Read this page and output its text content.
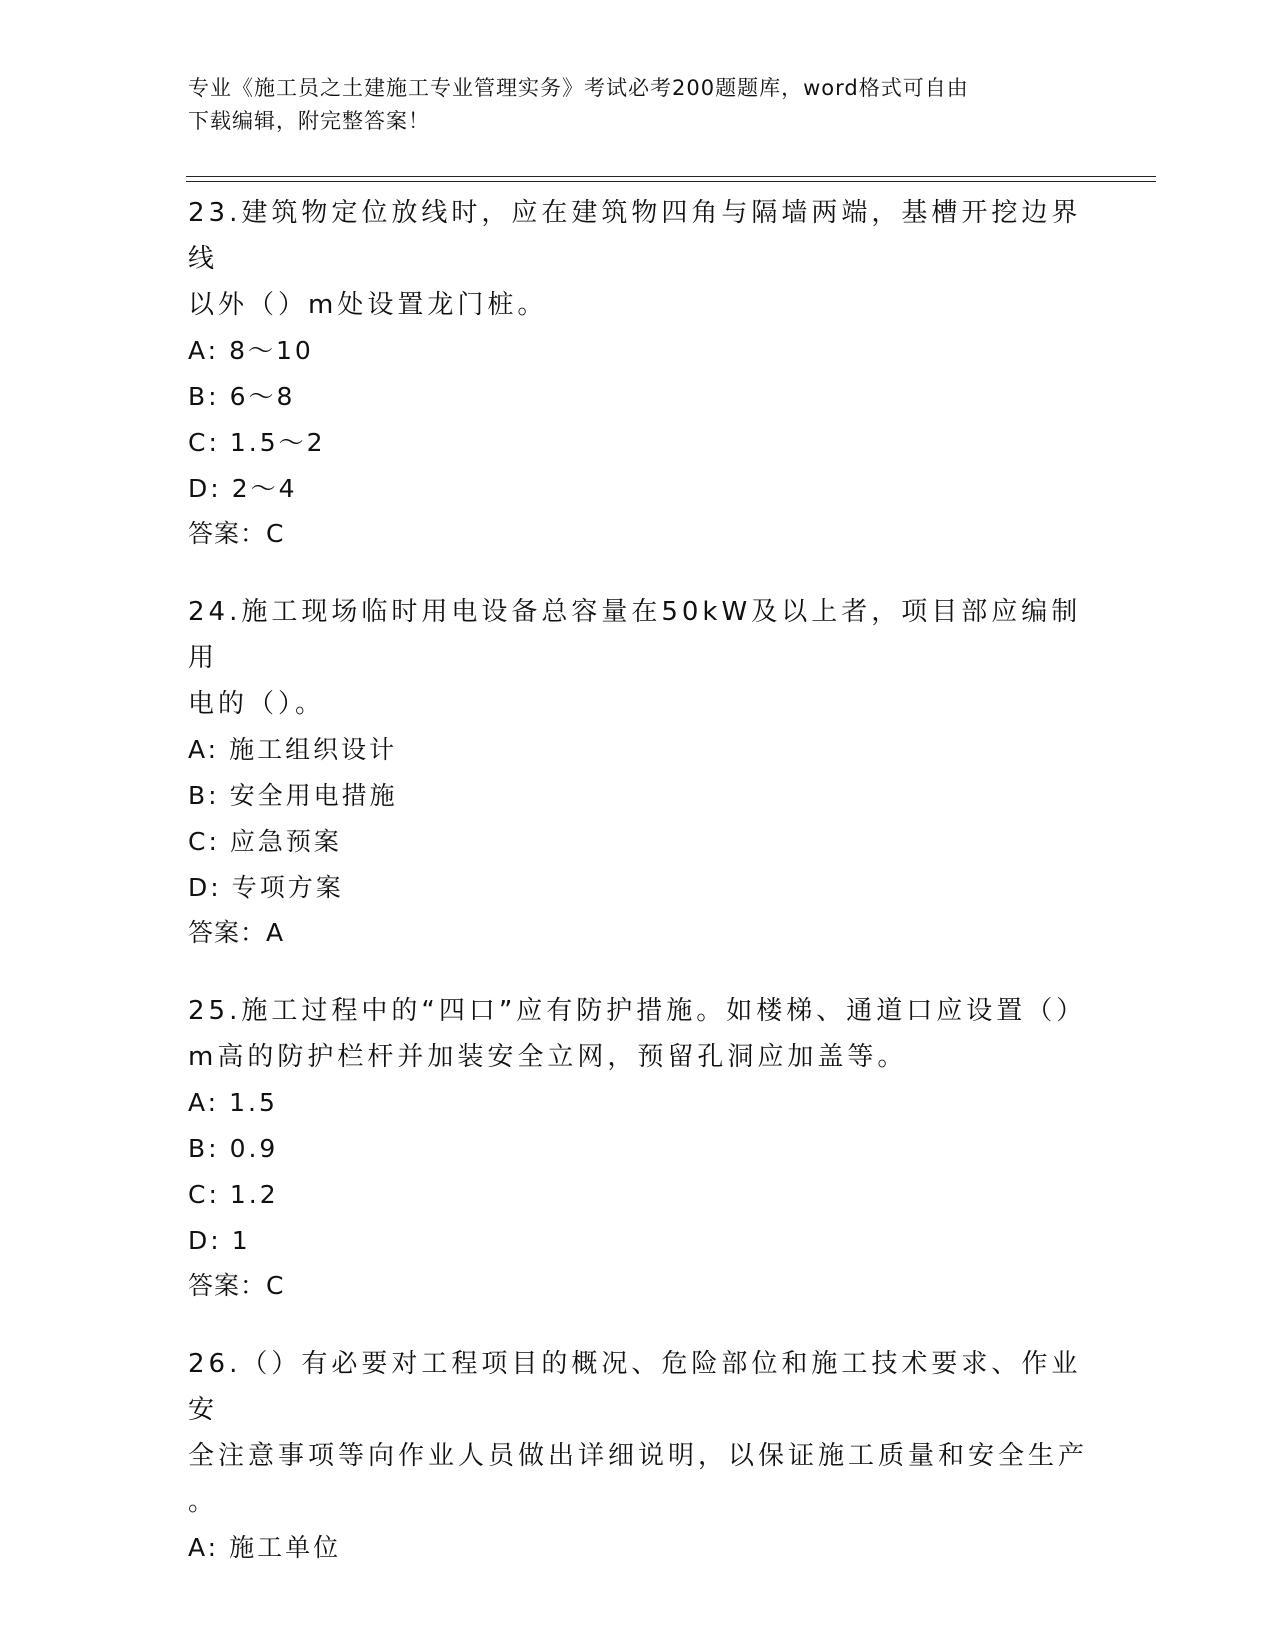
专业《施工员之土建施工专业管理实务》考试必考200题题库，word格式可自由
下载编辑，附完整答案！

23.建筑物定位放线时，应在建筑物四角与隔墙两端，基槽开挖边界线

以外（）m处设置龙门桩。

A: 8～10

B: 6～8

C: 1.5～2

D: 2～4

答案：C

24.施工现场临时用电设备总容量在50kW及以上者，项目部应编制用

电的（）。

A: 施工组织设计

B: 安全用电措施

C: 应急预案

D: 专项方案

答案：A

25.施工过程中的“四口”应有防护措施。如楼梯、通道口应设置（）

m高的防护栏杆并加装安全立网，预留孔洞应加盖等。

A: 1.5

B: 0.9

C: 1.2

D: 1

答案：C

26.（）有必要对工程项目的概况、危险部位和施工技术要求、作业安

全注意事项等向作业人员做出详细说明，以保证施工质量和安全生产

。

A: 施工单位
